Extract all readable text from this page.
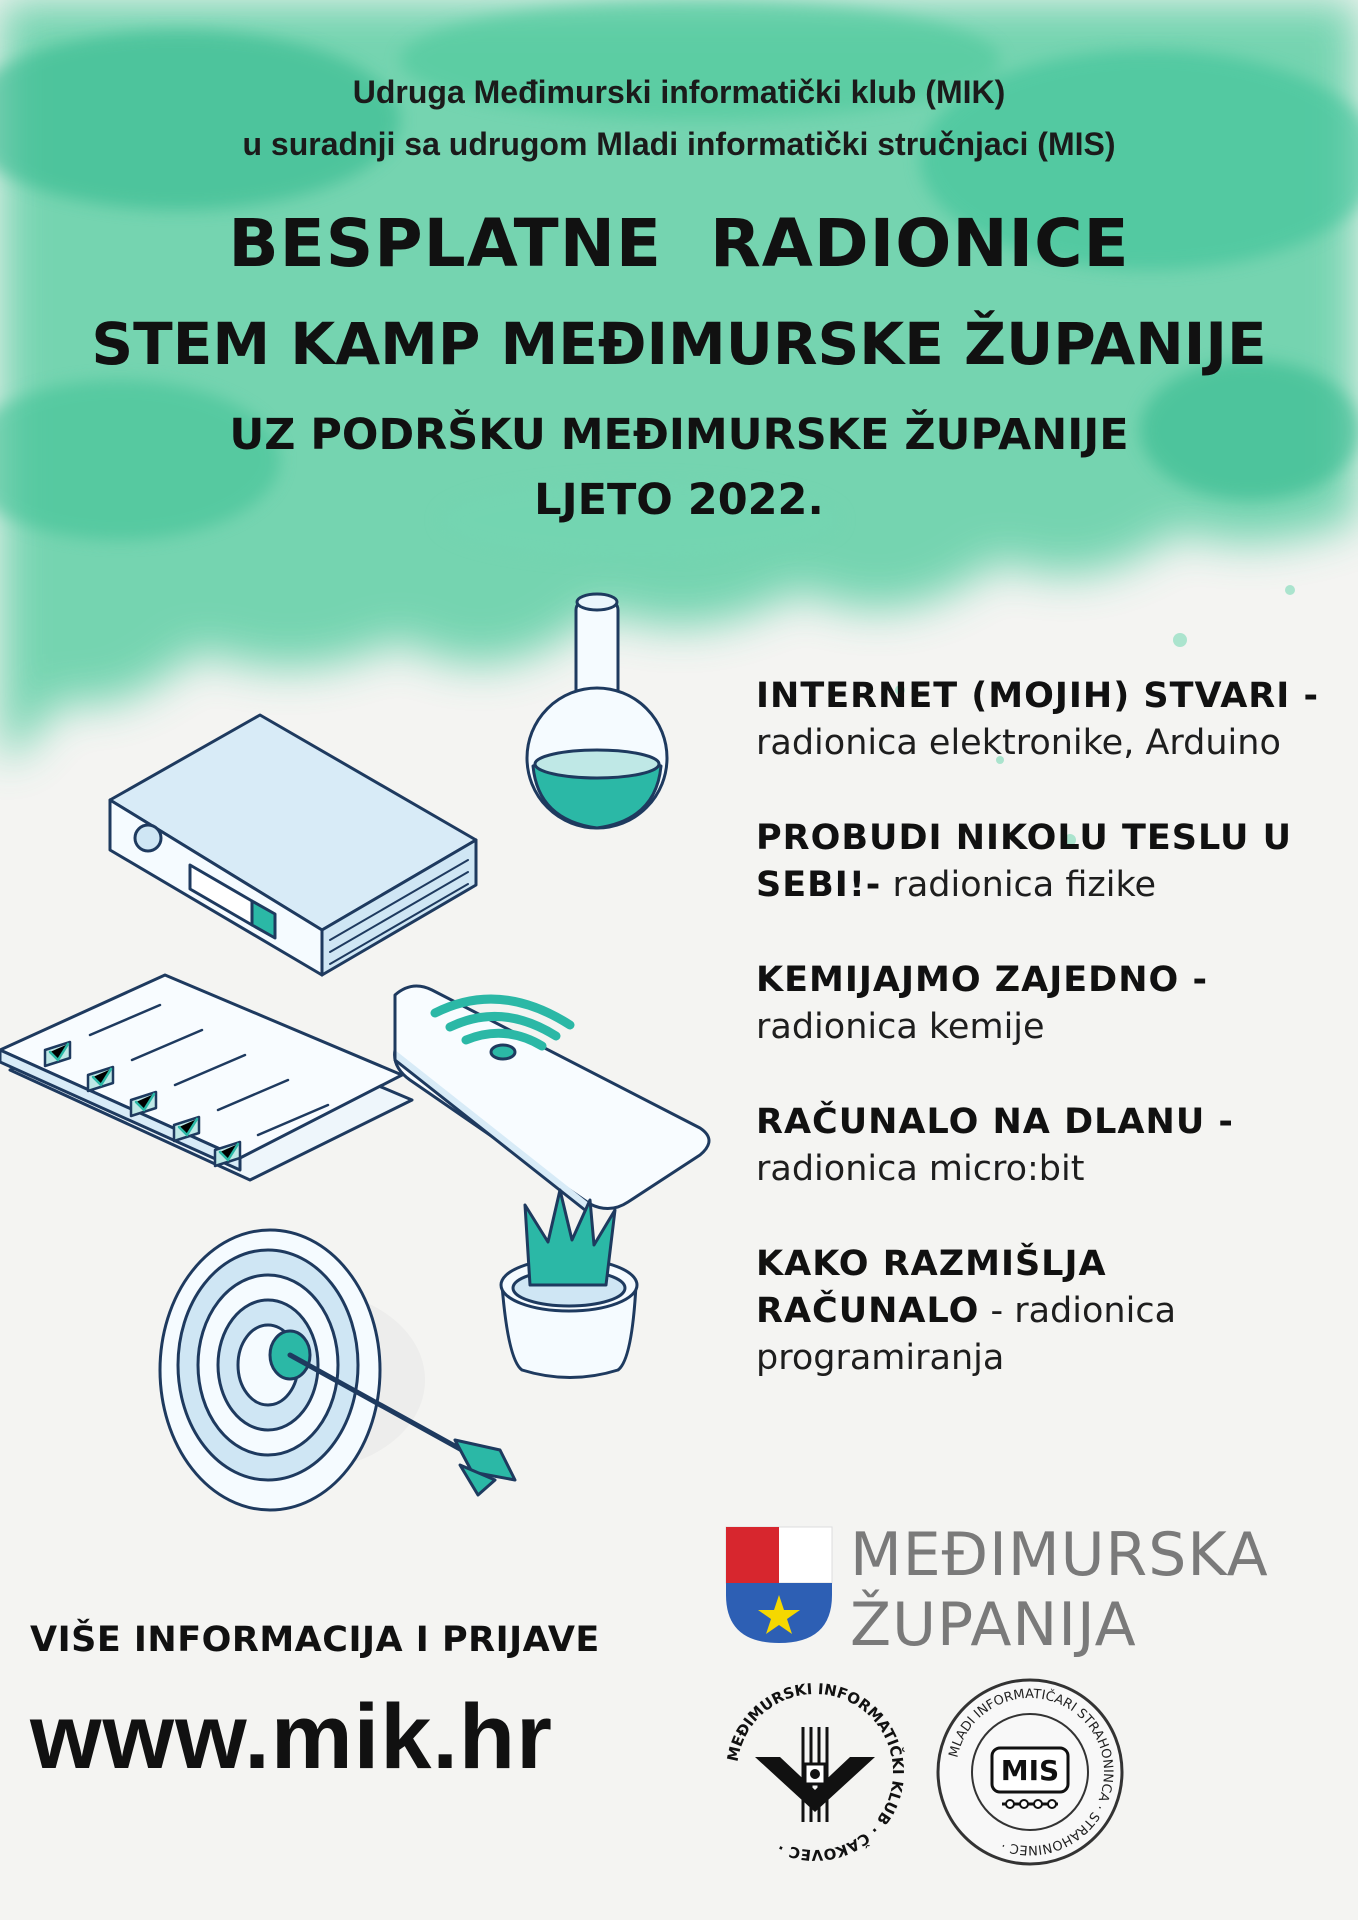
Udruga Međimurski informatički klub (MIK)

u suradnji sa udrugom Mladi informatički stručnjaci (MIS)

BESPLATNE  RADIONICE

STEM KAMP MEĐIMURSKE ŽUPANIJE

UZ PODRŠKU MEĐIMURSKE ŽUPANIJE

LJETO 2022.

INTERNET (MOJIH) STVARI - radionica elektronike, Arduino
PROBUDI NIKOLU TESLU U SEBI!- radionica fizike
KEMIJAJMO ZAJEDNO -
radionica kemije
RAČUNALO NA DLANU -
radionica micro:bit
KAKO RAZMIŠLJA RAČUNALO - radionica programiranja
VIŠE INFORMACIJA I PRIJAVE
www.mik.hr
MEĐIMURSKA
ŽUPANIJA
MEĐIMURSKI INFORMATIČKI KLUB · ČAKOVEC ·
MLADI INFORMATIČARI STRAHONINCA · STRAHONINEC ·
MIS
